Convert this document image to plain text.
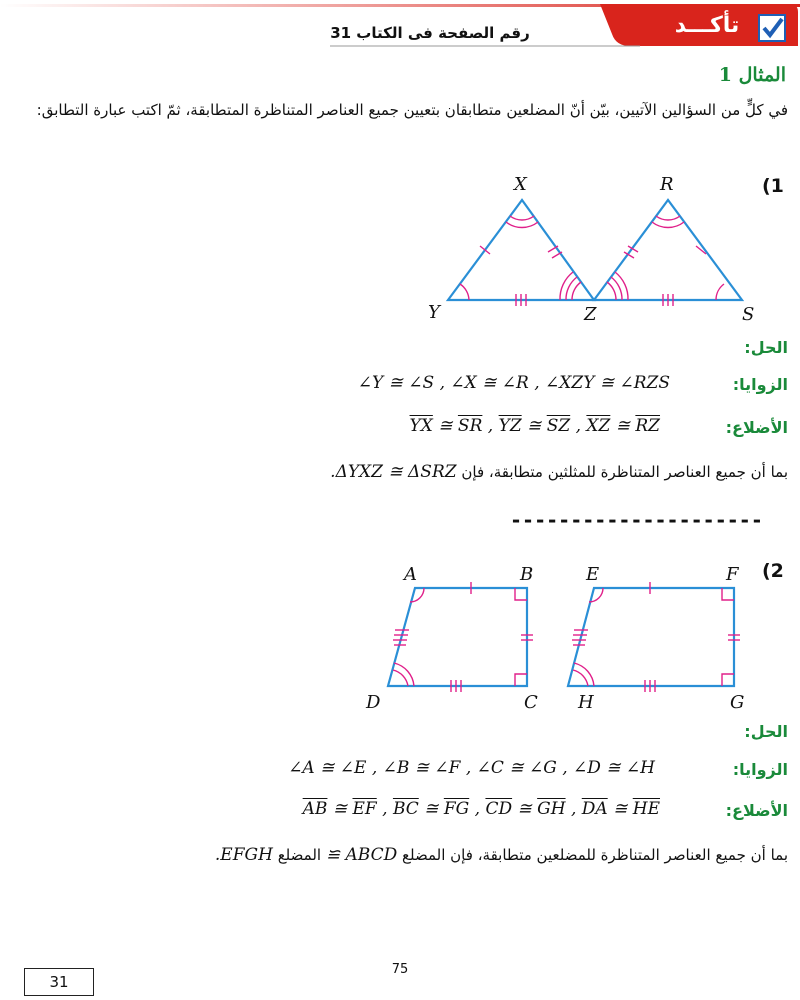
تأكـــد
رقم الصفحة فى الكتاب 31
المثال 1
في كلٍّ من السؤالين الآتيين، بيّن أنّ المضلعين متطابقان بتعيين جميع العناصر المتناظرة المتطابقة، ثمّ اكتب عبارة التطابق:
(1
X	R
Y	Z	S
الحل:
الزوايا:
∠Y ≅ ∠S , ∠X ≅ ∠R , ∠XZY ≅ ∠RZS
الأضلاع:
$\overline{YX}$ ≅ $\overline{SR}$ , $\overline{YZ}$ ≅ $\overline{SZ}$ , $\overline{XZ}$ ≅ $\overline{RZ}$
بما أن جميع العناصر المتناظرة للمثلثين متطابقة، فإن ΔYXZ ≅ ΔSRZ.
---------------------
(2
A	B
C
D
E	F
G
H
الحل:
الزوايا:
∠A ≅ ∠E , ∠B ≅ ∠F , ∠C ≅ ∠G , ∠D ≅ ∠H
الأضلاع:
$\overline{AB}$ ≅ $\overline{EF}$ , $\overline{BC}$ ≅ $\overline{FG}$ , $\overline{CD}$ ≅ $\overline{GH}$ , $\overline{DA}$ ≅ $\overline{HE}$
بما أن جميع العناصر المتناظرة للمضلعين متطابقة، فإن المضلع ABCD ≅ المضلع EFGH.
75
31
